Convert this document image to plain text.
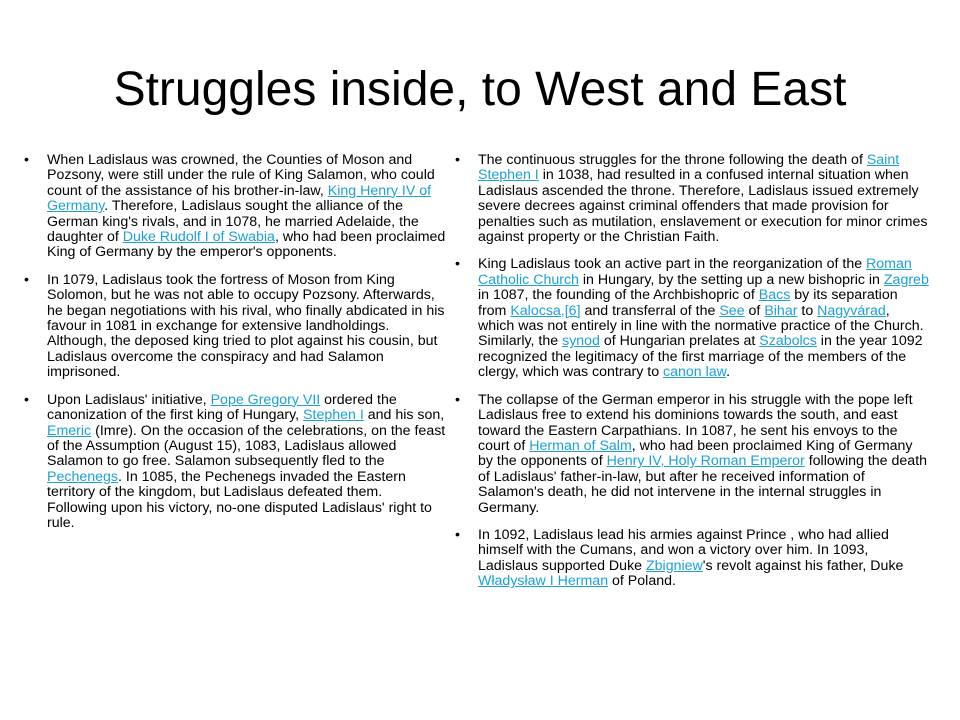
Struggles inside, to West and East
• When Ladislaus was crowned, the Counties of Moson and Pozsony, were still under the rule of King Salamon, who could count of the assistance of his brother-in-law, King Henry IV of Germany. Therefore, Ladislaus sought the alliance of the German king's rivals, and in 1078, he married Adelaide, the daughter of Duke Rudolf I of Swabia, who had been proclaimed King of Germany by the emperor's opponents.
• In 1079, Ladislaus took the fortress of Moson from King Solomon, but he was not able to occupy Pozsony. Afterwards, he began negotiations with his rival, who finally abdicated in his favour in 1081 in exchange for extensive landholdings. Although, the deposed king tried to plot against his cousin, but Ladislaus overcome the conspiracy and had Salamon imprisoned.
• Upon Ladislaus' initiative, Pope Gregory VII ordered the canonization of the first king of Hungary, Stephen I and his son, Emeric (Imre). On the occasion of the celebrations, on the feast of the Assumption (August 15), 1083, Ladislaus allowed Salamon to go free. Salamon subsequently fled to the Pechenegs. In 1085, the Pechenegs invaded the Eastern territory of the kingdom, but Ladislaus defeated them. Following upon his victory, no-one disputed Ladislaus' right to rule.
• The continuous struggles for the throne following the death of Saint Stephen I in 1038, had resulted in a confused internal situation when Ladislaus ascended the throne. Therefore, Ladislaus issued extremely severe decrees against criminal offenders that made provision for penalties such as mutilation, enslavement or execution for minor crimes against property or the Christian Faith.
• King Ladislaus took an active part in the reorganization of the Roman Catholic Church in Hungary, by the setting up a new bishopric in Zagreb in 1087, the founding of the Archbishopric of Bacs by its separation from Kalocsa,[6] and transferral of the See of Bihar to Nagyvárad, which was not entirely in line with the normative practice of the Church. Similarly, the synod of Hungarian prelates at Szabolcs in the year 1092 recognized the legitimacy of the first marriage of the members of the clergy, which was contrary to canon law.
• The collapse of the German emperor in his struggle with the pope left Ladislaus free to extend his dominions towards the south, and east toward the Eastern Carpathians. In 1087, he sent his envoys to the court of Herman of Salm, who had been proclaimed King of Germany by the opponents of Henry IV, Holy Roman Emperor following the death of Ladislaus' father-in-law, but after he received information of Salamon's death, he did not intervene in the internal struggles in Germany.
• In 1092, Ladislaus lead his armies against Prince , who had allied himself with the Cumans, and won a victory over him. In 1093, Ladislaus supported Duke Zbigniew's revolt against his father, Duke Władysław I Herman of Poland.
